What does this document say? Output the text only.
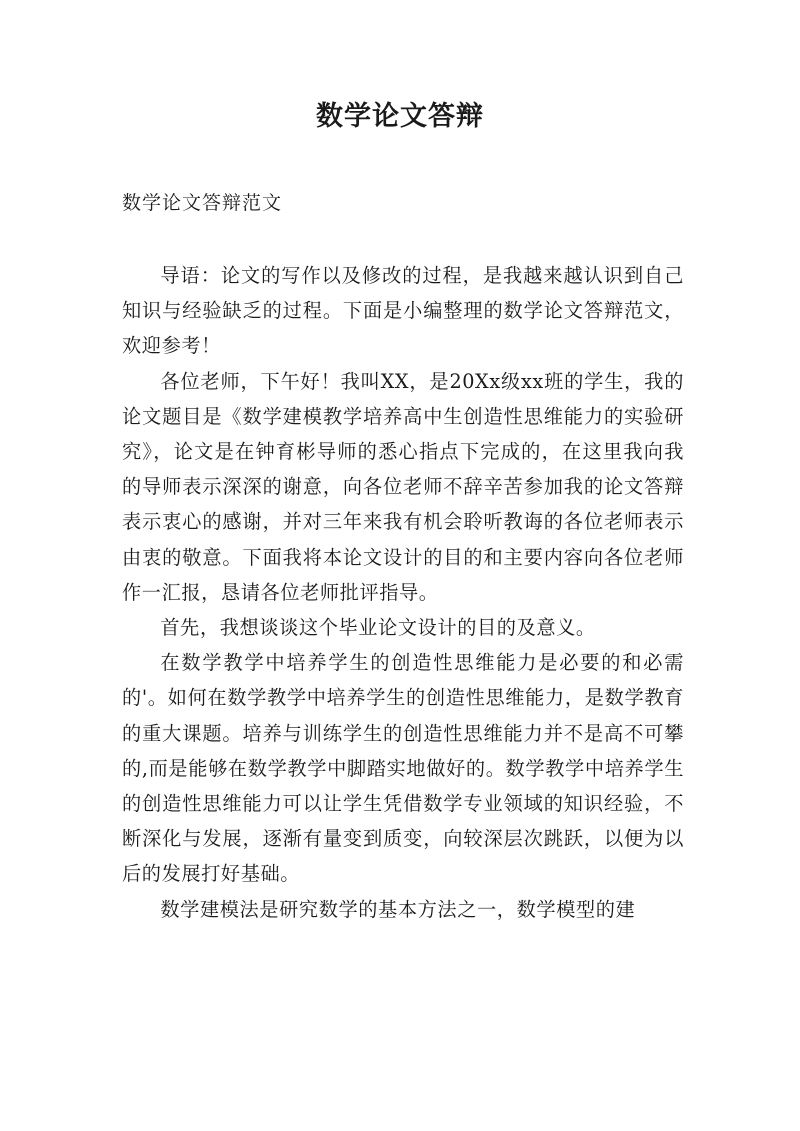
数学论文答辩
数学论文答辩范文

导语：论文的写作以及修改的过程，是我越来越认识到自己知识与经验缺乏的过程。下面是小编整理的数学论文答辩范文，欢迎参考！

各位老师，下午好！我叫XX，是20Xx级xx班的学生，我的论文题目是《数学建模教学培养高中生创造性思维能力的实验研究》，论文是在钟育彬导师的悉心指点下完成的，在这里我向我的导师表示深深的谢意，向各位老师不辞辛苦参加我的论文答辩表示衷心的感谢，并对三年来我有机会聆听教诲的各位老师表示由衷的敬意。下面我将本论文设计的目的和主要内容向各位老师作一汇报，恳请各位老师批评指导。

首先，我想谈谈这个毕业论文设计的目的及意义。

在数学教学中培养学生的创造性思维能力是必要的和必需的'。如何在数学教学中培养学生的创造性思维能力，是数学教育的重大课题。培养与训练学生的创造性思维能力并不是高不可攀的,而是能够在数学教学中脚踏实地做好的。数学教学中培养学生的创造性思维能力可以让学生凭借数学专业领域的知识经验，不断深化与发展，逐渐有量变到质变，向较深层次跳跃，以便为以后的发展打好基础。

数学建模法是研究数学的基本方法之一，数学模型的建
